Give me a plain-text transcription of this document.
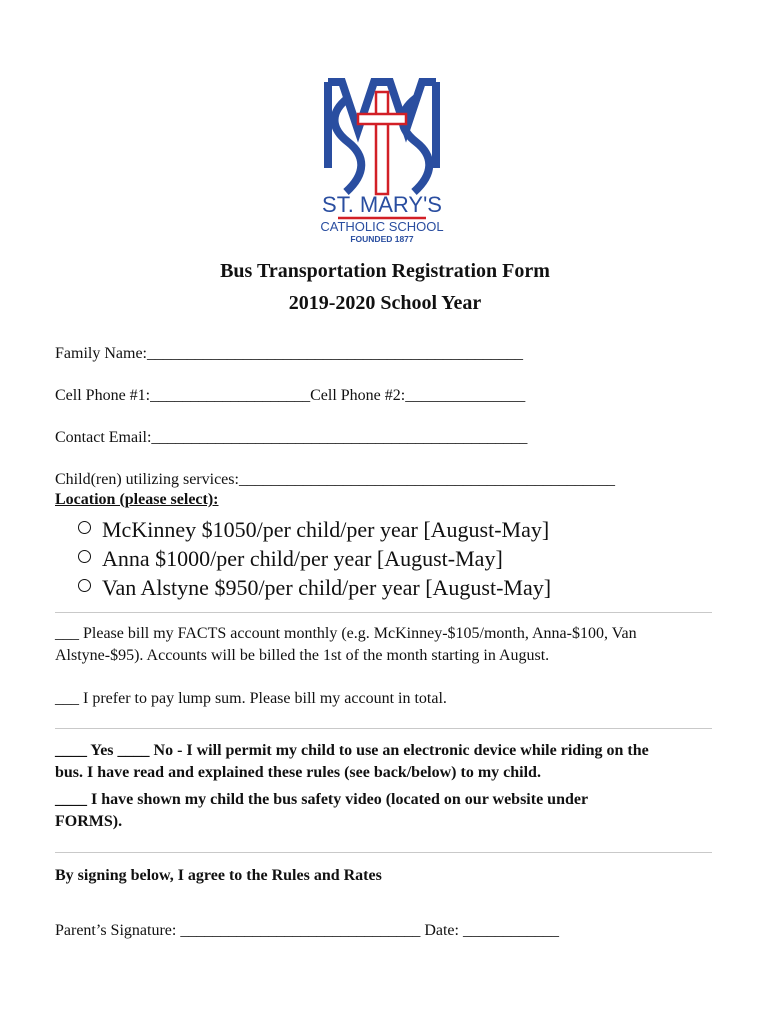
ST. MARY'S
CATHOLIC SCHOOL
FOUNDED 1877
Bus Transportation Registration Form
2019-2020 School Year
Family Name:_______________________________________________
Cell Phone #1:____________________Cell Phone #2:_______________
Contact Email:_______________________________________________
Child(ren) utilizing services:_______________________________________________
Location (please select):
McKinney $1050/per child/per year [August-May]
Anna $1000/per child/per year [August-May]
Van Alstyne $950/per child/per year [August-May]
___ Please bill my FACTS account monthly (e.g. McKinney-$105/month, Anna-$100, Van
Alstyne-$95). Accounts will be billed the 1st of the month starting in August.
___ I prefer to pay lump sum. Please bill my account in total.
____ Yes ____ No - I will permit my child to use an electronic device while riding on the
bus. I have read and explained these rules (see back/below) to my child.
____ I have shown my child the bus safety video (located on our website under
FORMS).
By signing below, I agree to the Rules and Rates
Parent’s Signature: ______________________________ Date: ____________
